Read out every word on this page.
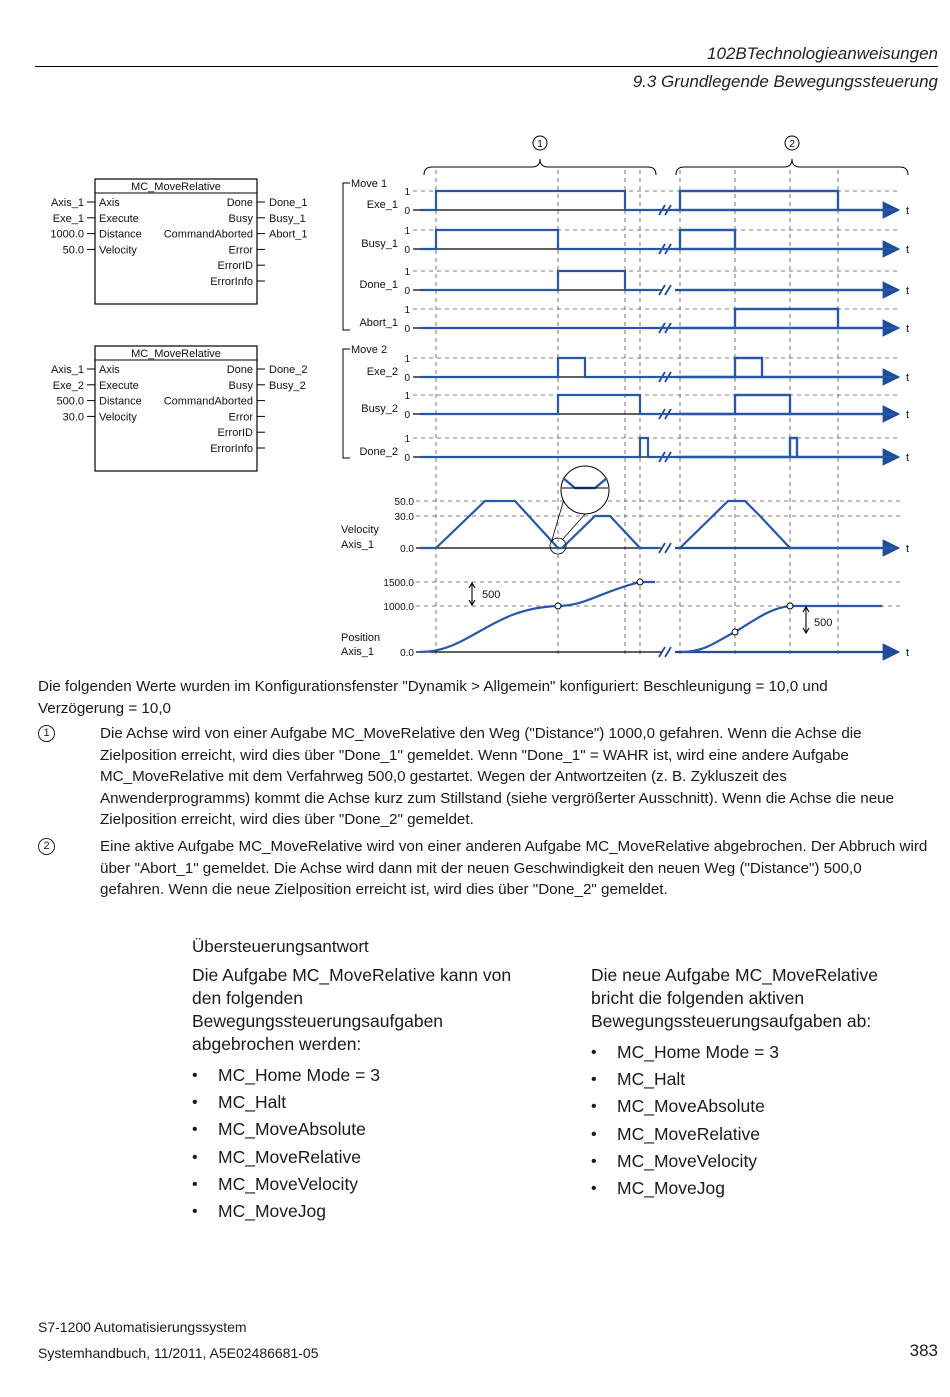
102BTechnologieanweisungen
9.3 Grundlegende Bewegungssteuerung
MC_MoveRelative
Axis
Axis_1
Execute
Exe_1
Distance
1000.0
Velocity
50.0
Done Done_1
Busy Busy_1
CommandAborted Abort_1
Error
ErrorID
ErrorInfo
MC_MoveRelative
Axis
Axis_1
Execute
Exe_2
Distance
500.0
Velocity
30.0
Done Done_2
Busy Busy_2
CommandAborted
Error
ErrorID
ErrorInfo
1	2
Move 1
Move 2
Exe_1
1
0	t
Busy_1
1
0	t
Done_1
1
0	t
Abort_1
1
0	t
Exe_2
1
0	t
Busy_2
1
0	t
Done_2
1
0	t
Velocity
Axis_1
50.0
30.0
0.0	t
Position
Axis_1
1500.0
1000.0
0.0	t
500
500
Die folgenden Werte wurden im Konfigurationsfenster "Dynamik > Allgemein" konfiguriert: Beschleunigung = 10,0 und Verzögerung = 10,0
1	Die Achse wird von einer Aufgabe MC_MoveRelative den Weg ("Distance") 1000,0 gefahren. Wenn die Achse die Zielposition erreicht, wird dies über "Done_1" gemeldet. Wenn "Done_1" = WAHR ist, wird eine andere Aufgabe MC_MoveRelative mit dem Verfahrweg 500,0 gestartet. Wegen der Antwortzeiten (z. B. Zykluszeit des Anwenderprogramms) kommt die Achse kurz zum Stillstand (siehe vergrößerter Ausschnitt). Wenn die Achse die neue Zielposition erreicht, wird dies über "Done_2" gemeldet.
2	Eine aktive Aufgabe MC_MoveRelative wird von einer anderen Aufgabe MC_MoveRelative abgebrochen. Der Abbruch wird über "Abort_1" gemeldet. Die Achse wird dann mit der neuen Geschwindigkeit den neuen Weg ("Distance") 500,0 gefahren. Wenn die neue Zielposition erreicht ist, wird dies über "Done_2" gemeldet.
Übersteuerungsantwort
Die Aufgabe MC_MoveRelative kann von den folgenden Bewegungssteuerungsaufgaben abgebrochen werden:
• MC_Home Mode = 3
• MC_Halt
• MC_MoveAbsolute
• MC_MoveRelative
• MC_MoveVelocity
• MC_MoveJog
Die neue Aufgabe MC_MoveRelative bricht die folgenden aktiven Bewegungssteuerungsaufgaben ab:
• MC_Home Mode = 3
• MC_Halt
• MC_MoveAbsolute
• MC_MoveRelative
• MC_MoveVelocity
• MC_MoveJog
S7-1200 Automatisierungssystem
Systemhandbuch, 11/2011, A5E02486681-05	383
